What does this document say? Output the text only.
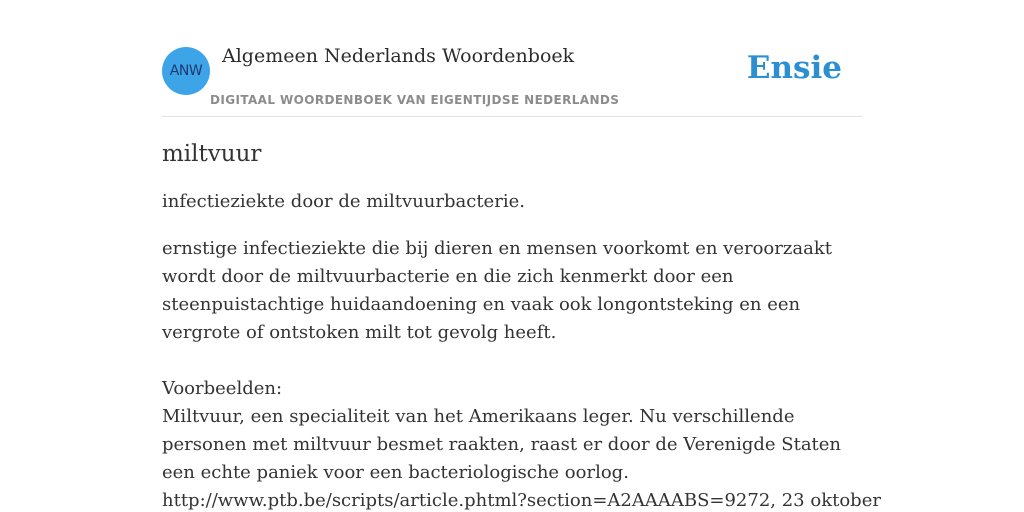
ANW
Algemeen Nederlands Woordenboek
DIGITAAL WOORDENBOEK VAN EIGENTIJDSE NEDERLANDS
Ensie
miltvuur

infectieziekte door de miltvuurbacterie.

ernstige infectieziekte die bij dieren en mensen voorkomt en veroorzaakt wordt door de miltvuurbacterie en die zich kenmerkt door een steenpuistachtige huidaandoening en vaak ook longontsteking en een vergrote of ontstoken milt tot gevolg heeft.

Voorbeelden:

Miltvuur, een specialiteit van het Amerikaans leger. Nu verschillende personen met miltvuur besmet raakten, raast er door de Verenigde Staten een echte paniek voor een bacteriologische oorlog.

http://www.ptb.be/scripts/article.phtml?section=A2AAAABS=9272, 23 oktober
